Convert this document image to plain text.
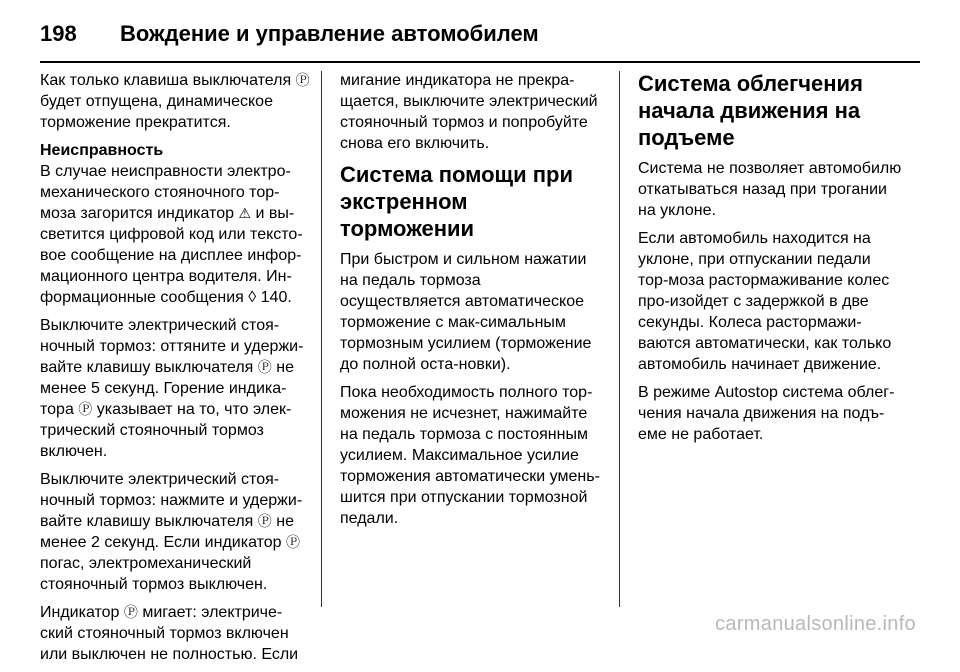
198	Вождение и управление автомобилем

Как только клавиша выключателя Ⓟ будет отпущена, динамическое торможение прекратится.

Неисправность

В случае неисправности электро-механического стояночного тор-моза загорится индикатор ⚠ и вы-светится цифровой код или тексто-вое сообщение на дисплее инфор-мационного центра водителя. Ин-формационные сообщения ◊ 140.

Выключите электрический стоя-ночный тормоз: оттяните и удержи-вайте клавишу выключателя Ⓟ не менее 5 секунд. Горение индика-тора Ⓟ указывает на то, что элек-трический стояночный тормоз включен.

Выключите электрический стоя-ночный тормоз: нажмите и удержи-вайте клавишу выключателя Ⓟ не менее 2 секунд. Если индикатор Ⓟ погас, электромеханический стояночный тормоз выключен.

Индикатор Ⓟ мигает: электриче-ский стояночный тормоз включен или выключен не полностью. Если

мигание индикатора не прекра-щается, выключите электрический стояночный тормоз и попробуйте снова его включить.

Система помощи при экстренном торможении

При быстром и сильном нажатии на педаль тормоза осуществляется автоматическое торможение с мак-симальным тормозным усилием (торможение до полной оста-новки).

Пока необходимость полного тор-можения не исчезнет, нажимайте на педаль тормоза с постоянным усилием. Максимальное усилие торможения автоматически умень-шится при отпускании тормозной педали.

Система облегчения начала движения на подъеме

Система не позволяет автомобилю откатываться назад при трогании на уклоне.

Если автомобиль находится на уклоне, при отпускании педали тор-моза растормаживание колес про-изойдет с задержкой в две секунды. Колеса растормажи-ваются автоматически, как только автомобиль начинает движение.

В режиме Autostop система облег-чения начала движения на подъ-еме не работает.

carmanualsonline.info
